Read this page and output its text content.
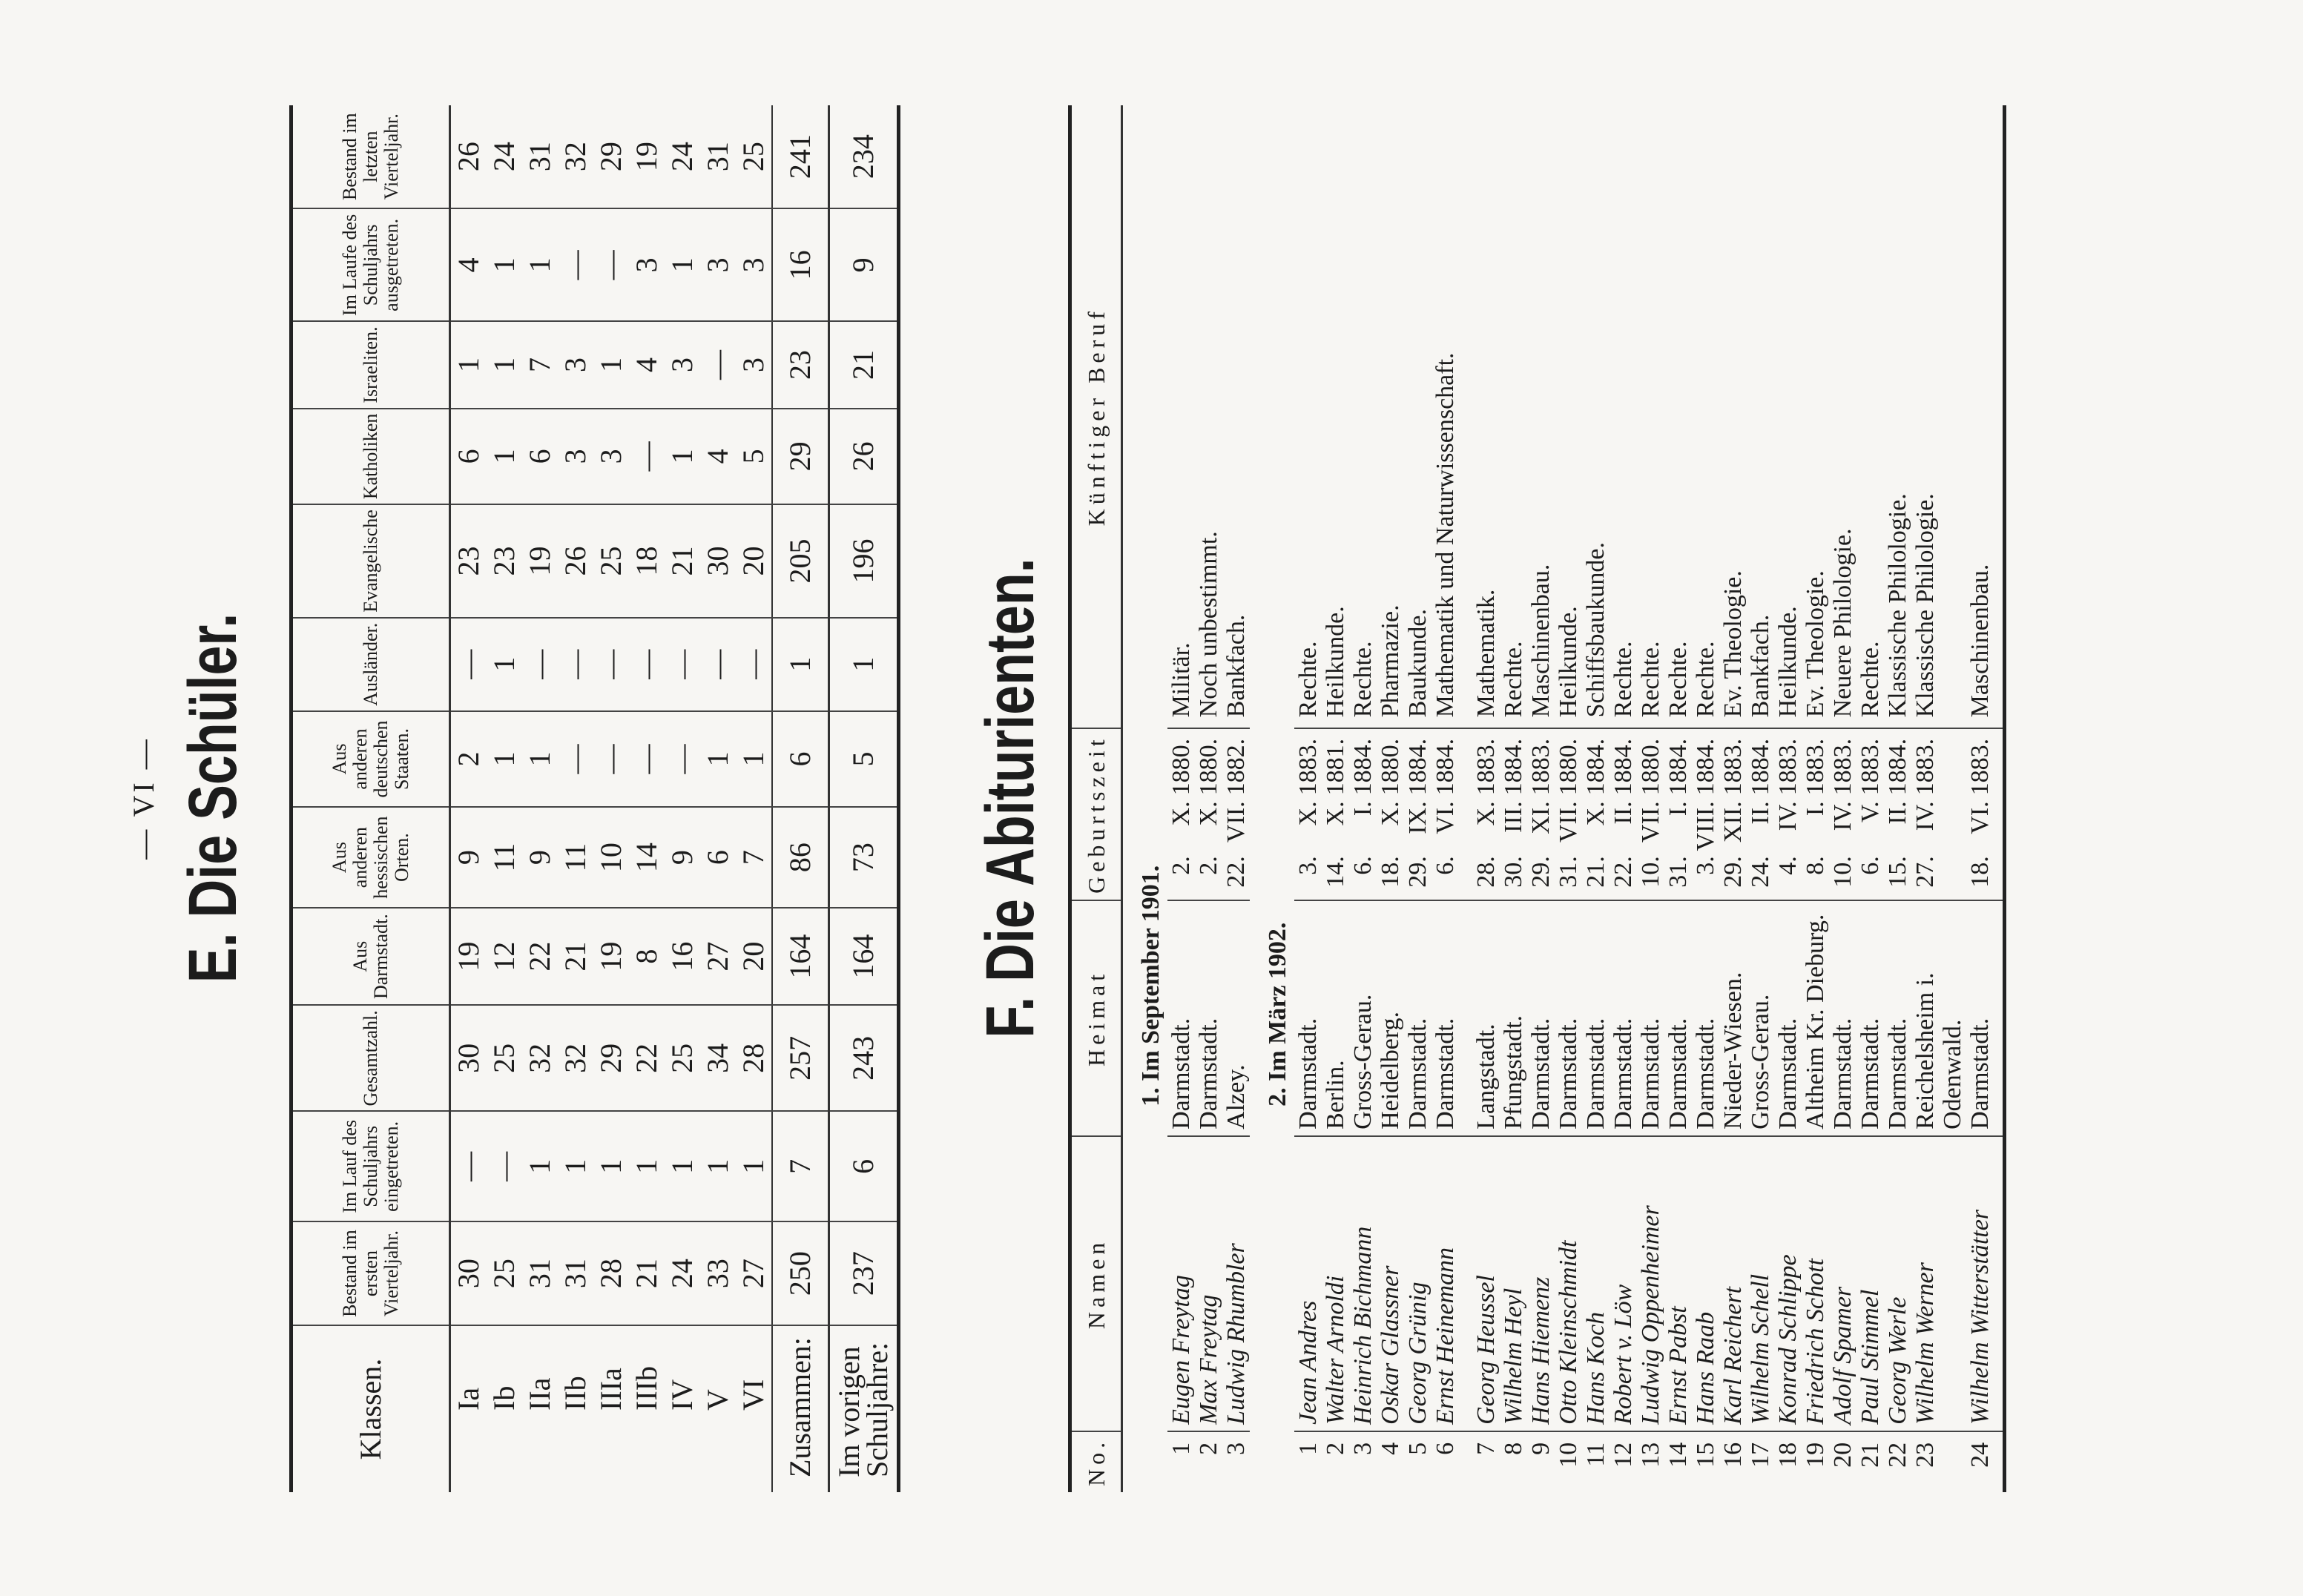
— VI — E. Die Schüler.
Klassen.	Bestand im ersten Vierteljahr.	Im Lauf des Schuljahrs eingetreten.	Gesamtzahl.	Aus Darmstadt.	Aus anderen hessischen Orten.	Aus anderen deutschen Staaten.	Ausländer.	Evangelische	Katholiken	Israeliten.	Im Laufe des Schuljahrs ausgetreten.	Bestand im letzten Vierteljahr.
Ia	30	—	30	19	9	2	—	23	6	1	4	26
Ib	25	—	25	12	11	1	1	23	1	1	1	24
IIa	31	1	32	22	9	1	—	19	6	7	1	31
IIb	31	1	32	21	11	—	—	26	3	3	—	32
IIIa	28	1	29	19	10	—	—	25	3	1	—	29
IIIb	21	1	22	8	14	—	—	18	—	4	3	19
IV	24	1	25	16	9	—	—	21	1	3	1	24
V	33	1	34	27	6	1	—	30	4	—	3	31
VI	27	1	28	20	7	1	—	20	5	3	3	25
Zusammen:	250	7	257	164	86	6	1	205	29	23	16	241
Im vorigen Schuljahre:	237	6	243	164	73	5	1	196	26	21	9	234
F. Die Abiturienten.
No.	Namen	Heimat	Geburtszeit			Künftiger Beruf
		1. Im September 1901.				
1	Eugen Freytag	Darmstadt.	2.	X.	1880.	Militär.
2	Max Freytag	Darmstadt.	2.	X.	1880.	Noch unbestimmt.
3	Ludwig Rhumbler	Alzey.	22.	VII.	1882.	Bankfach.
		2. Im März 1902.				
1	Jean Andres	Darmstadt.	3.	X.	1883.	Rechte.
2	Walter Arnoldi	Berlin.	14.	X.	1881.	Heilkunde.
3	Heinrich Bichmann	Gross-Gerau.	6.	I.	1884.	Rechte.
4	Oskar Glassner	Heidelberg.	18.	X.	1880.	Pharmazie.
5	Georg Grünig	Darmstadt.	29.	IX.	1884.	Baukunde.
6	Ernst Heinemann	Darmstadt.	6.	VI.	1884.	Mathematik und Naturwissenschaft.

7	Georg Heussel	Langstadt.	28.	X.	1883.	Mathematik.
8	Wilhelm Heyl	Pfungstadt.	30.	III.	1884.	Rechte.
9	Hans Hiemenz	Darmstadt.	29.	XI.	1883.	Maschinenbau.
10	Otto Kleinschmidt	Darmstadt.	31.	VII.	1880.	Heilkunde.
11	Hans Koch	Darmstadt.	21.	X.	1884.	Schiffsbaukunde.
12	Robert v. Löw	Darmstadt.	22.	II.	1884.	Rechte.
13	Ludwig Oppenheimer	Darmstadt.	10.	VII.	1880.	Rechte.
14	Ernst Pabst	Darmstadt.	31.	I.	1884.	Rechte.
15	Hans Raab	Darmstadt.	3.	VIII.	1884.	Rechte.
16	Karl Reichert	Nieder-Wiesen.	29.	XII.	1883.	Ev. Theologie.
17	Wilhelm Schell	Gross-Gerau.	24.	II.	1884.	Bankfach.
18	Konrad Schlippe	Darmstadt.	4.	IV.	1883.	Heilkunde.
19	Friedrich Schott	Altheim Kr. Dieburg.	8.	I.	1883.	Ev. Theologie.
20	Adolf Spamer	Darmstadt.	10.	IV.	1883.	Neuere Philologie.
21	Paul Stimmel	Darmstadt.	6.	V.	1883.	Rechte.
22	Georg Werle	Darmstadt.	15.	II.	1884.	Klassische Philologie.
23	Wilhelm Werner	Reichelsheim i. Odenwald.	27.	IV.	1883.	Klassische Philologie.
24	Wilhelm Witterstätter	Darmstadt.	18.	VI.	1883.	Maschinenbau.
